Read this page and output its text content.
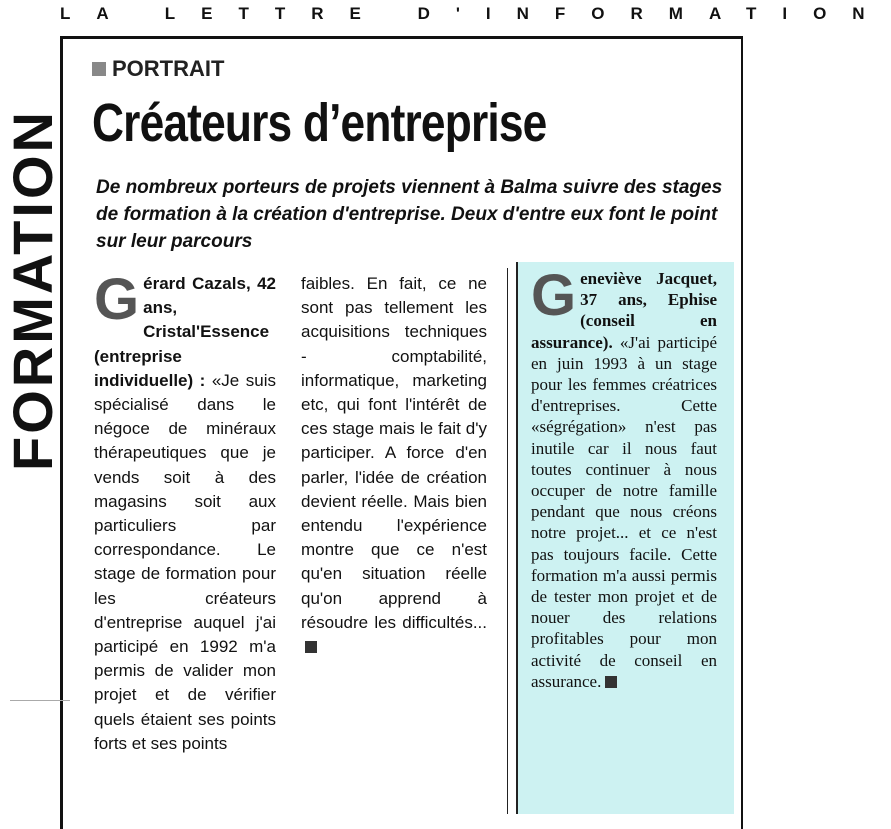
LA LETTRE D'INFORMATION
FORMATION
PORTRAIT
Créateurs d’entreprise
De nombreux porteurs de projets viennent à Balma suivre des stages de formation à la création d'entreprise. Deux d'entre eux font le point sur leur parcours
Gérard Cazals, 42 ans, Cristal'Essence (entreprise individuelle) : «Je suis spécialisé dans le négoce de minéraux thérapeutiques que je vends soit à des magasins soit aux particuliers par correspondance. Le stage de formation pour les créateurs d'entreprise auquel j'ai participé en 1992 m'a permis de valider mon projet et de vérifier quels étaient ses points forts et ses points
faibles. En fait, ce ne sont pas tellement les acquisitions techniques - comptabilité, informatique, marketing etc, qui font l'intérêt de ces stage mais le fait d'y participer. A force d'en parler, l'idée de création devient réelle. Mais bien entendu l'expérience montre que ce n'est qu'en situation réelle qu'on apprend à résoudre les difficultés...
Geneviève Jacquet, 37 ans, Ephise (conseil en assurance). «J'ai participé en juin 1993 à un stage pour les femmes créatrices d'entreprises. Cette «ségrégation» n'est pas inutile car il nous faut toutes continuer à nous occuper de notre famille pendant que nous créons notre projet... et ce n'est pas toujours facile. Cette formation m'a aussi permis de tester mon projet et de nouer des relations profitables pour mon activité de conseil en assurance.
